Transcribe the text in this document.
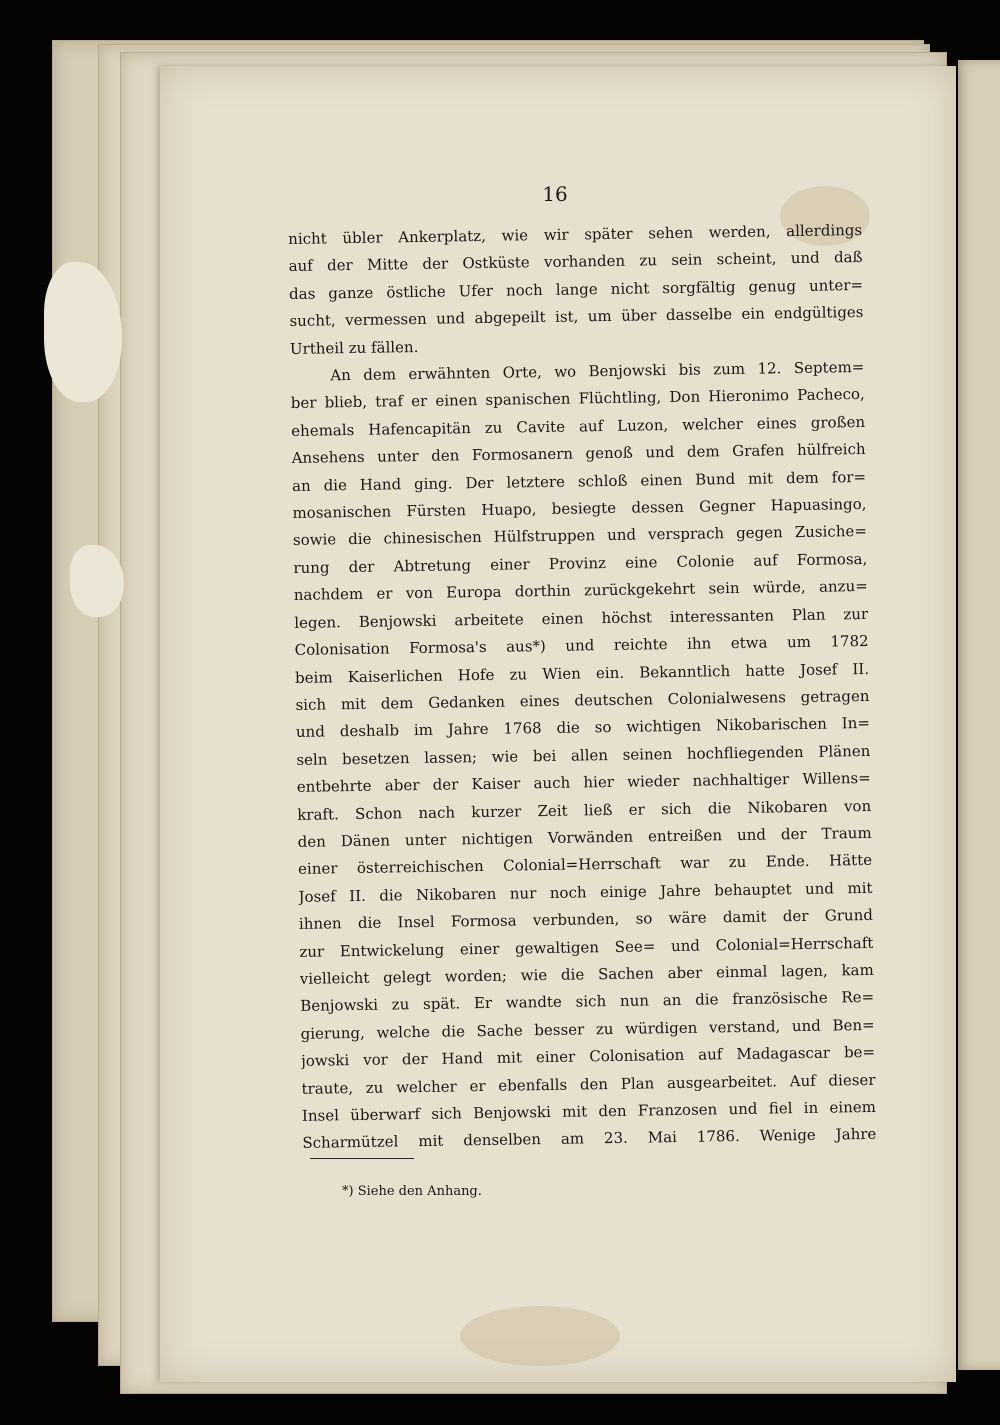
16
nicht übler Ankerplatz, wie wir später sehen werden, allerdings
auf der Mitte der Ostküste vorhanden zu sein scheint, und daß
das ganze östliche Ufer noch lange nicht sorgfältig genug unter=
sucht, vermessen und abgepeilt ist, um über dasselbe ein endgültiges
Urtheil zu fällen.
An dem erwähnten Orte, wo Benjowski bis zum 12. Septem=
ber blieb, traf er einen spanischen Flüchtling, Don Hieronimo Pacheco,
ehemals Hafencapitän zu Cavite auf Luzon, welcher eines großen
Ansehens unter den Formosanern genoß und dem Grafen hülfreich
an die Hand ging. Der letztere schloß einen Bund mit dem for=
mosanischen Fürsten Huapo, besiegte dessen Gegner Hapuasingo,
sowie die chinesischen Hülfstruppen und versprach gegen Zusiche=
rung der Abtretung einer Provinz eine Colonie auf Formosa,
nachdem er von Europa dorthin zurückgekehrt sein würde, anzu=
legen. Benjowski arbeitete einen höchst interessanten Plan zur
Colonisation Formosa's aus*) und reichte ihn etwa um 1782
beim Kaiserlichen Hofe zu Wien ein. Bekanntlich hatte Josef II.
sich mit dem Gedanken eines deutschen Colonialwesens getragen
und deshalb im Jahre 1768 die so wichtigen Nikobarischen In=
seln besetzen lassen; wie bei allen seinen hochfliegenden Plänen
entbehrte aber der Kaiser auch hier wieder nachhaltiger Willens=
kraft. Schon nach kurzer Zeit ließ er sich die Nikobaren von
den Dänen unter nichtigen Vorwänden entreißen und der Traum
einer österreichischen Colonial=Herrschaft war zu Ende. Hätte
Josef II. die Nikobaren nur noch einige Jahre behauptet und mit
ihnen die Insel Formosa verbunden, so wäre damit der Grund
zur Entwickelung einer gewaltigen See= und Colonial=Herrschaft
vielleicht gelegt worden; wie die Sachen aber einmal lagen, kam
Benjowski zu spät. Er wandte sich nun an die französische Re=
gierung, welche die Sache besser zu würdigen verstand, und Ben=
jowski vor der Hand mit einer Colonisation auf Madagascar be=
traute, zu welcher er ebenfalls den Plan ausgearbeitet. Auf dieser
Insel überwarf sich Benjowski mit den Franzosen und fiel in einem
Scharmützel mit denselben am 23. Mai 1786. Wenige Jahre
*) Siehe den Anhang.
